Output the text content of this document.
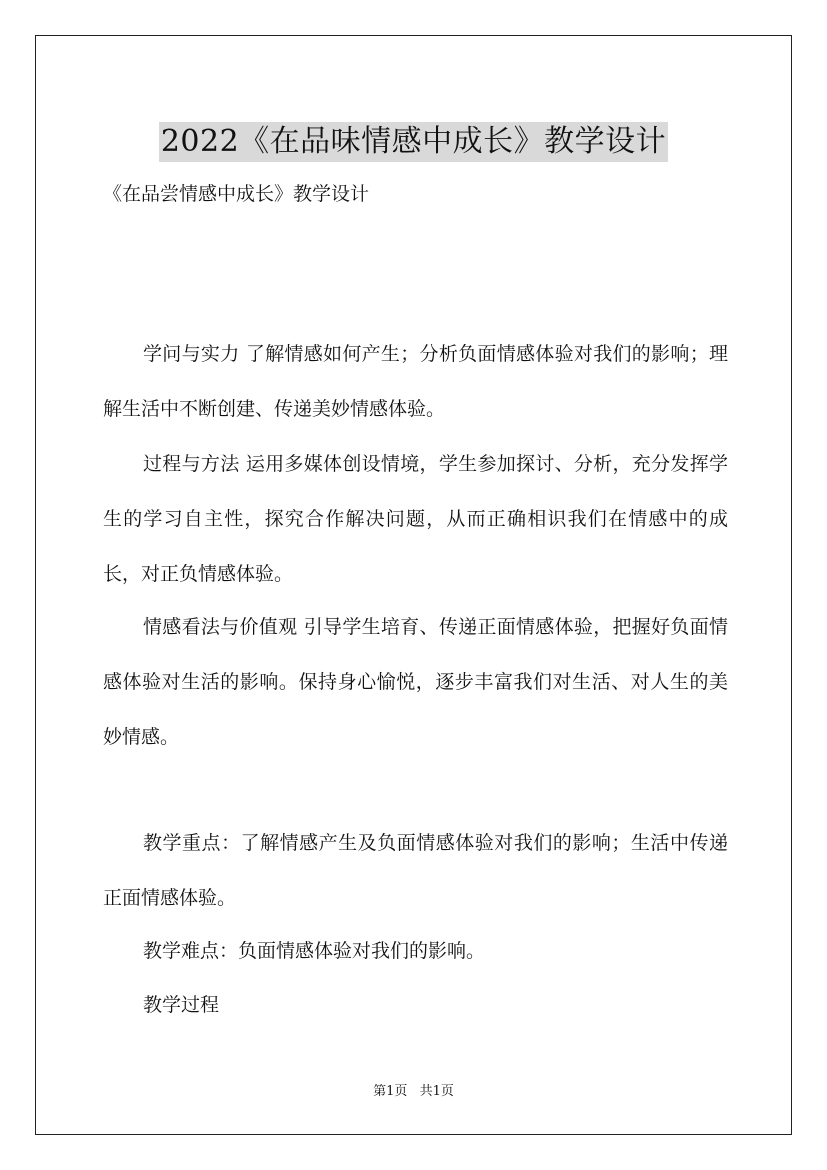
2022《在品味情感中成长》教学设计
《在品尝情感中成长》教学设计

学问与实力 了解情感如何产生；分析负面情感体验对我们的影响；理解生活中不断创建、传递美妙情感体验。

过程与方法 运用多媒体创设情境，学生参加探讨、分析，充分发挥学生的学习自主性，探究合作解决问题，从而正确相识我们在情感中的成长，对正负情感体验。

情感看法与价值观 引导学生培育、传递正面情感体验，把握好负面情感体验对生活的影响。保持身心愉悦，逐步丰富我们对生活、对人生的美妙情感。

教学重点：了解情感产生及负面情感体验对我们的影响；生活中传递正面情感体验。

教学难点：负面情感体验对我们的影响。

教学过程

第1页 共1页
